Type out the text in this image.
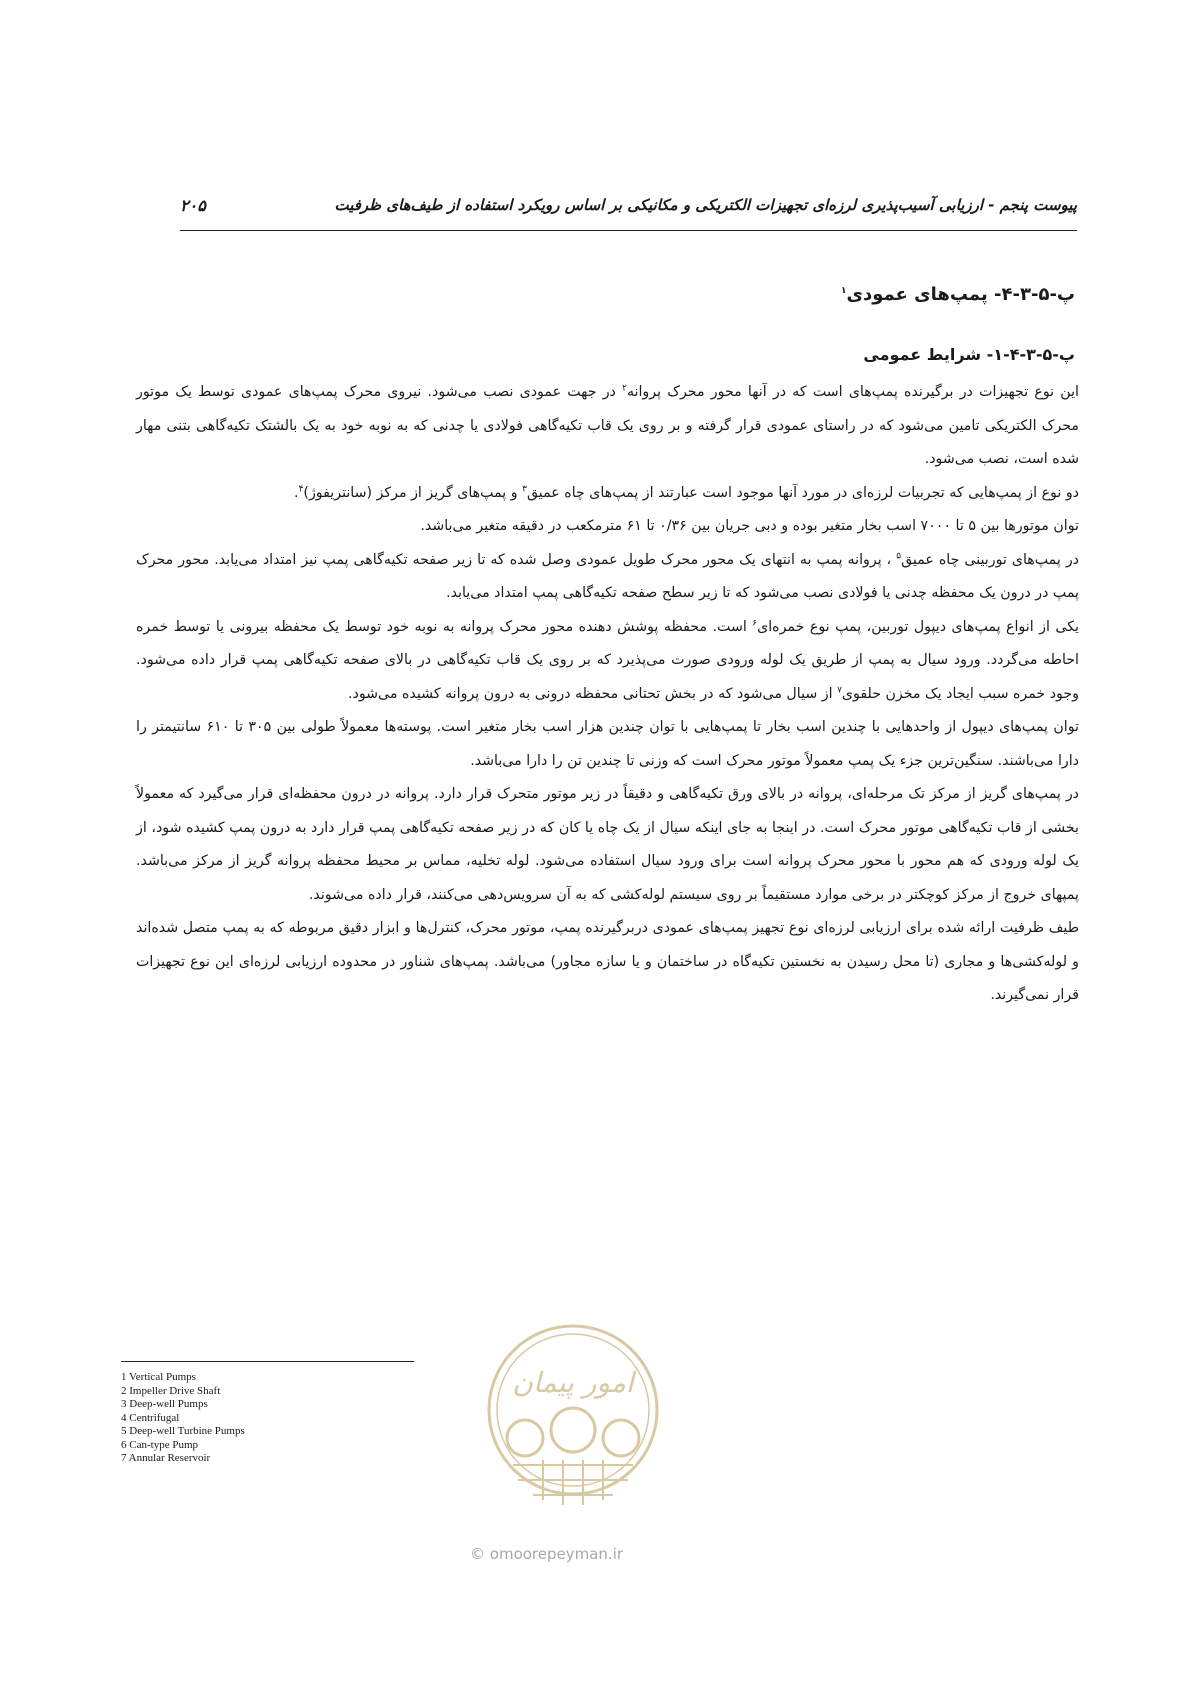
پیوست پنجم - ارزیابی آسیب‌پذیری لرزه‌ای تجهیزات الکتریکی و مکانیکی بر اساس رویکرد استفاده از طیف‌های ظرفیت
۲۰۵
پ-۵-۳-۴- پمپ‌های عمودی$^۱$
پ-۵-۳-۴-۱- شرایط عمومی

این نوع تجهیزات در برگیرنده پمپ‌های است که در آنها محور محرک پروانه$^۲$ در جهت عمودی نصب می‌شود. نیروی محرک پمپ‌های عمودی توسط یک موتور محرک الکتریکی تامین می‌شود که در راستای عمودی قرار گرفته و بر روی یک قاب تکیه‌گاهی فولادی یا چدنی که به نوبه خود به یک بالشتک تکیه‌گاهی بتنی مهار شده است، نصب می‌شود.

دو نوع از پمپ‌هایی که تجربیات لرزه‌ای در مورد آنها موجود است عبارتند از پمپ‌های چاه عمیق$^۳$ و پمپ‌های گریز از مرکز (سانتریفوژ)$^۴$.

توان موتورها بین ۵ تا ۷۰۰۰ اسب بخار متغیر بوده و دبی جریان بین ۰/۳۶ تا ۶۱ مترمکعب در دقیقه متغیر می‌باشد.

در پمپ‌های توربینی چاه عمیق$^۵$ ، پروانه پمپ به انتهای یک محور محرک طویل عمودی وصل شده که تا زیر صفحه تکیه‌گاهی پمپ نیز امتداد می‌یابد. محور محرک پمپ در درون یک محفظه چدنی یا فولادی نصب می‌شود که تا زیر سطح صفحه تکیه‌گاهی پمپ امتداد می‌یابد.

یکی از انواع پمپ‌های دیپول توربین، پمپ نوع خمره‌ای$^۶$ است. محفظه پوشش دهنده محور محرک پروانه به نوبه خود توسط یک محفظه بیرونی یا توسط خمره احاطه می‌گردد. ورود سیال به پمپ از طریق یک لوله ورودی صورت می‌پذیرد که بر روی یک قاب تکیه‌گاهی در بالای صفحه تکیه‌گاهی پمپ قرار داده می‌شود. وجود خمره سبب ایجاد یک مخزن حلقوی$^۷$ از سیال می‌شود که در بخش تحتانی محفظه درونی به درون پروانه کشیده می‌شود.

توان پمپ‌های دیپول از واحدهایی با چندین اسب بخار تا پمپ‌هایی با توان چندین هزار اسب بخار متغیر است. پوسته‌ها معمولاً طولی بین ۳۰۵ تا ۶۱۰ سانتیمتر را دارا می‌باشند. سنگین‌ترین جزء یک پمپ معمولاً موتور محرک است که وزنی تا چندین تن را دارا می‌باشد.

در پمپ‌های گریز از مرکز تک مرحله‌ای، پروانه در بالای ورق تکیه‌گاهی و دقیقاً در زیر موتور متحرک قرار دارد. پروانه در درون محفظه‌ای قرار می‌گیرد که معمولاً بخشی از قاب تکیه‌گاهی موتور محرک است. در اینجا به جای اینکه سیال از یک چاه یا کان که در زیر صفحه تکیه‌گاهی پمپ قرار دارد به درون پمپ کشیده شود، از یک لوله ورودی که هم محور با محور محرک پروانه است برای ورود سیال استفاده می‌شود. لوله تخلیه، مماس بر محیط محفظه پروانه گریز از مرکز می‌باشد. پمپهای خروج از مرکز کوچکتر در برخی موارد مستقیماً بر روی سیستم لوله‌کشی که به آن سرویس‌دهی می‌کنند، قرار داده می‌شوند.

طیف ظرفیت ارائه شده برای ارزیابی لرزه‌ای نوع تجهیز پمپ‌های عمودی دربرگیرنده پمپ، موتور محرک، کنترل‌ها و ابزار دقیق مربوطه که به پمپ متصل شده‌اند و لوله‌کشی‌ها و مجاری (تا محل رسیدن به نخستین تکیه‌گاه در ساختمان و یا سازه مجاور) می‌باشد. پمپ‌های شناور در محدوده ارزیابی لرزه‌ای این نوع تجهیزات قرار نمی‌گیرند.

1 Vertical Pumps
2 Impeller Drive Shaft
3 Deep-well Pumps
4 Centrifugal
5 Deep-well Turbine Pumps
6 Can-type Pump
7 Annular Reservoir
امور پیمان
© omoorepeyman.ir
